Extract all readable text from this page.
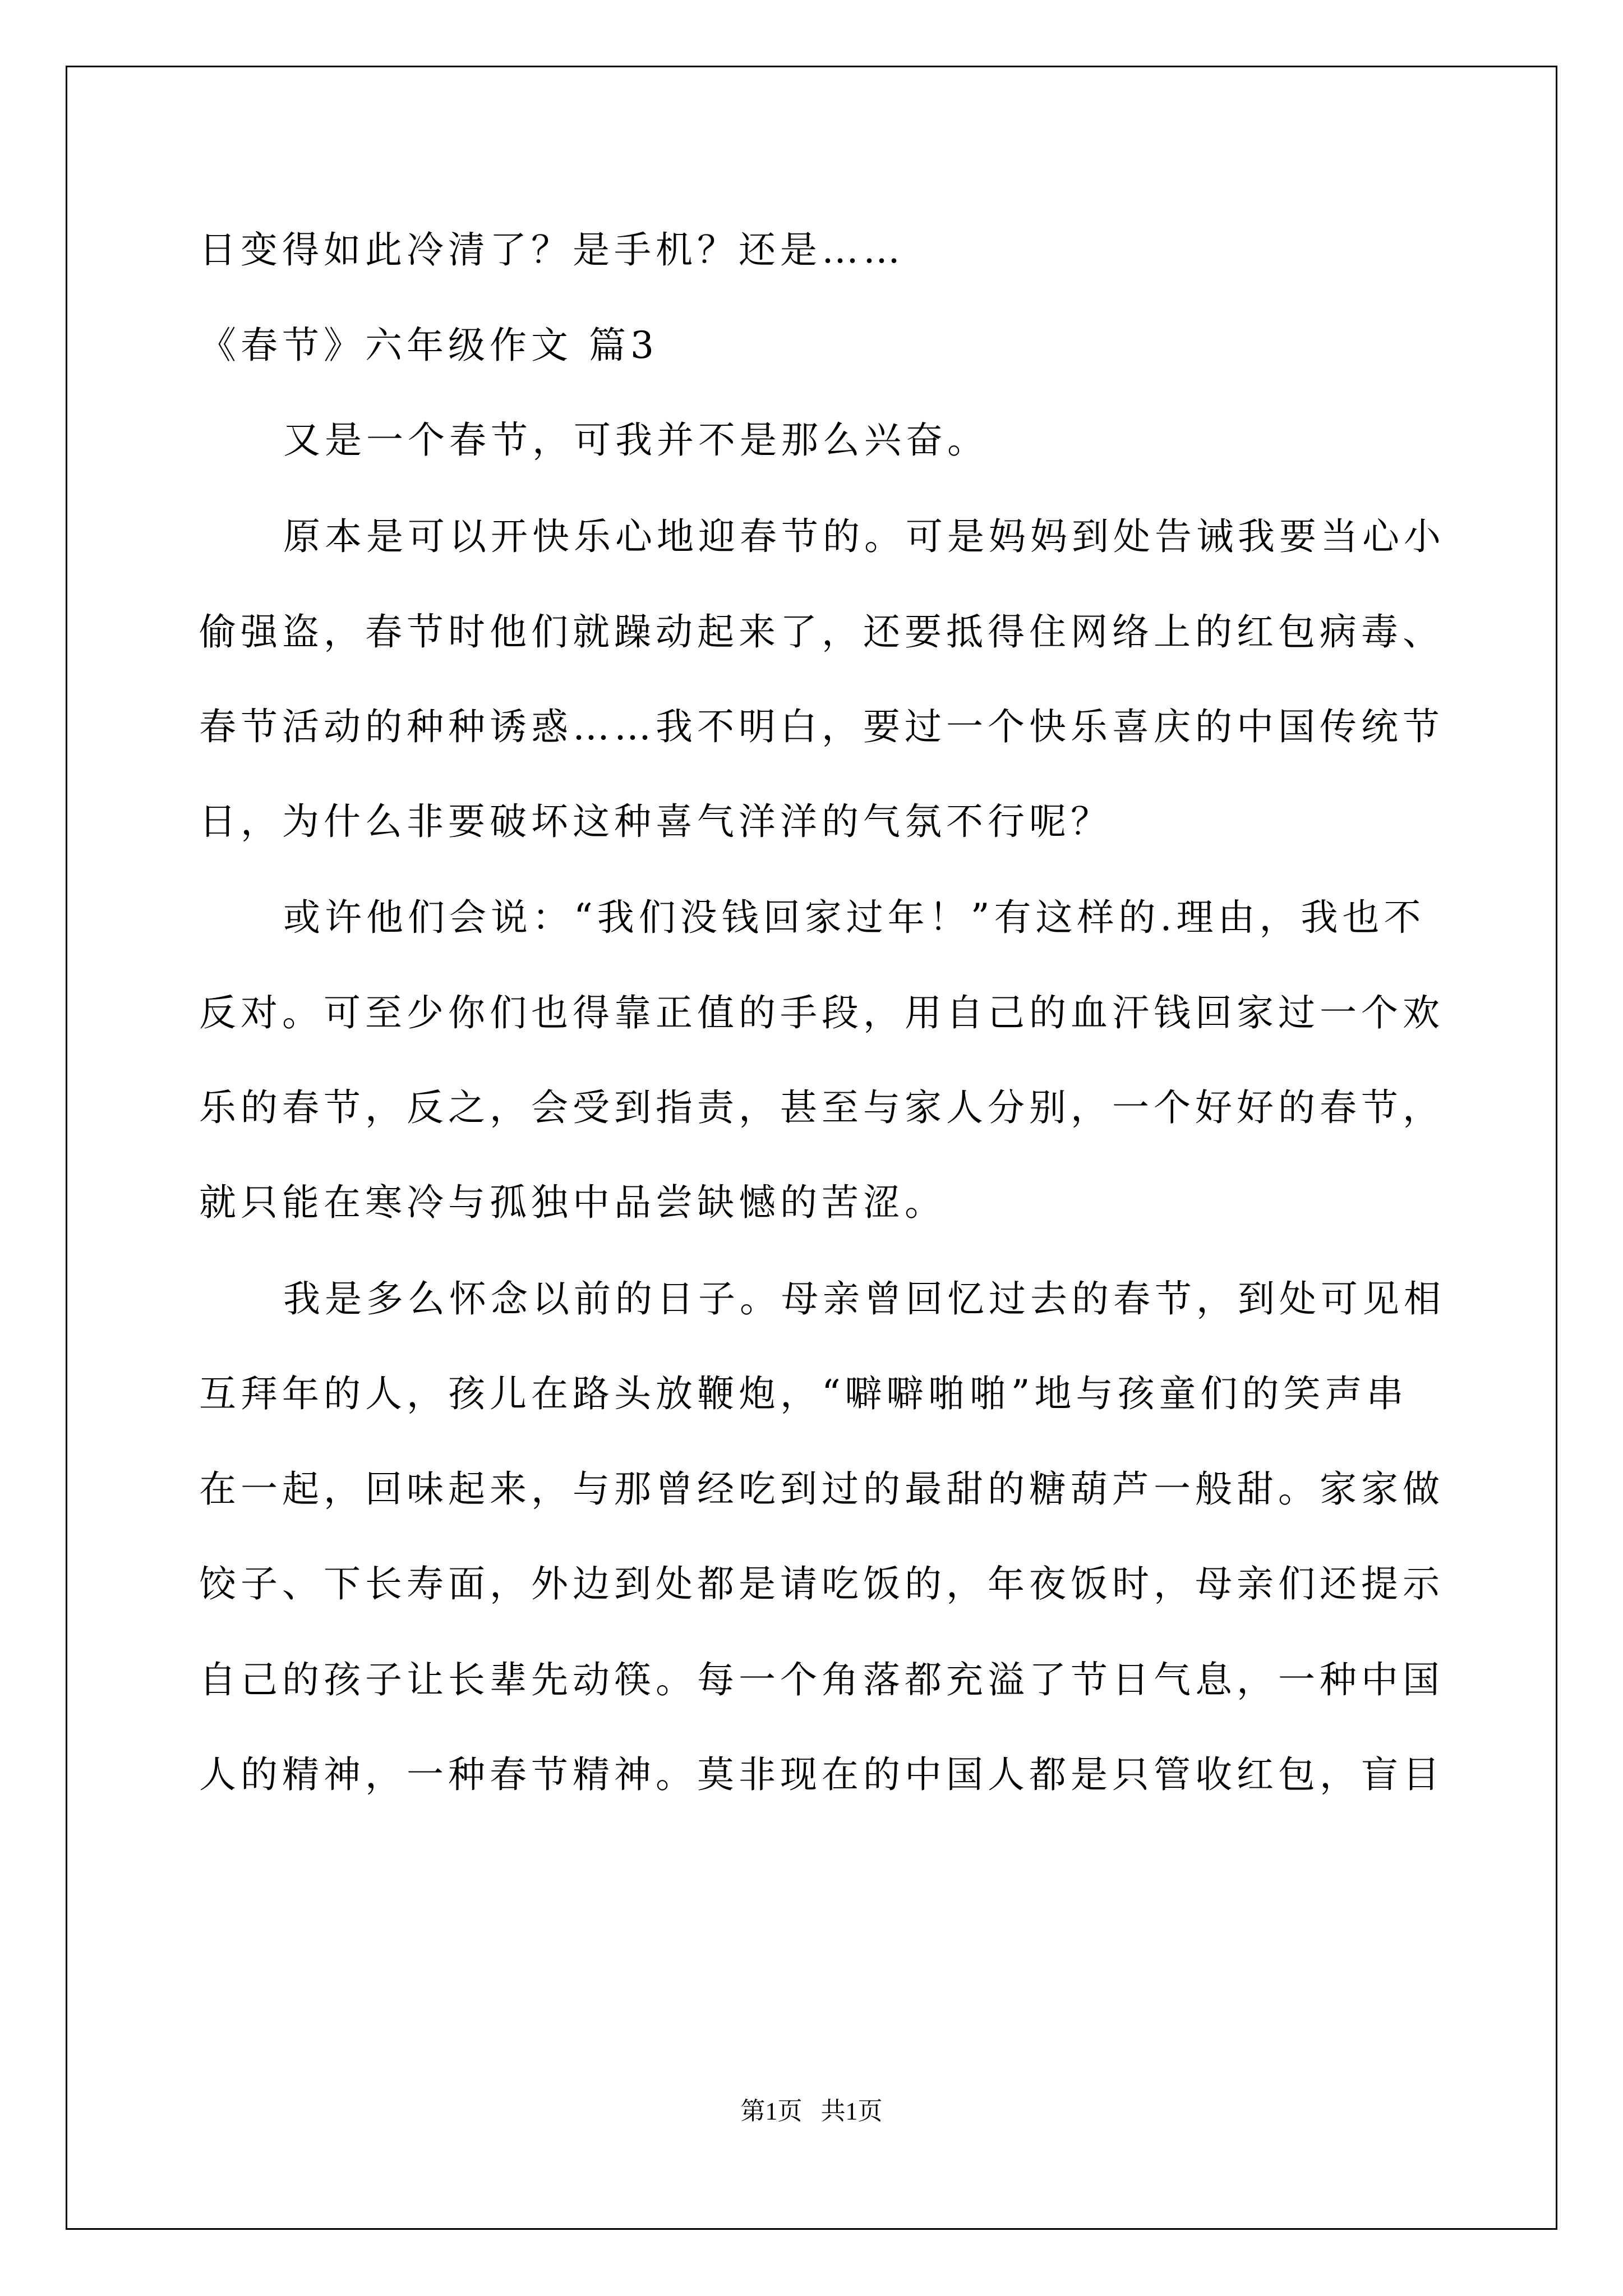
日变得如此冷清了？是手机？还是……
《春节》六年级作文 篇3
又是一个春节，可我并不是那么兴奋。
原本是可以开快乐心地迎春节的。可是妈妈到处告诫我要当心小
偷强盗，春节时他们就躁动起来了，还要抵得住网络上的红包病毒、
春节活动的种种诱惑……我不明白，要过一个快乐喜庆的中国传统节
日，为什么非要破坏这种喜气洋洋的气氛不行呢？
或许他们会说：“我们没钱回家过年！”有这样的.理由，我也不
反对。可至少你们也得靠正值的手段，用自己的血汗钱回家过一个欢
乐的春节，反之，会受到指责，甚至与家人分别，一个好好的春节，
就只能在寒冷与孤独中品尝缺憾的苦涩。
我是多么怀念以前的日子。母亲曾回忆过去的春节，到处可见相
互拜年的人，孩儿在路头放鞭炮，“噼噼啪啪”地与孩童们的笑声串
在一起，回味起来，与那曾经吃到过的最甜的糖葫芦一般甜。家家做
饺子、下长寿面，外边到处都是请吃饭的，年夜饭时，母亲们还提示
自己的孩子让长辈先动筷。每一个角落都充溢了节日气息，一种中国
人的精神，一种春节精神。莫非现在的中国人都是只管收红包，盲目
第1页   共1页
